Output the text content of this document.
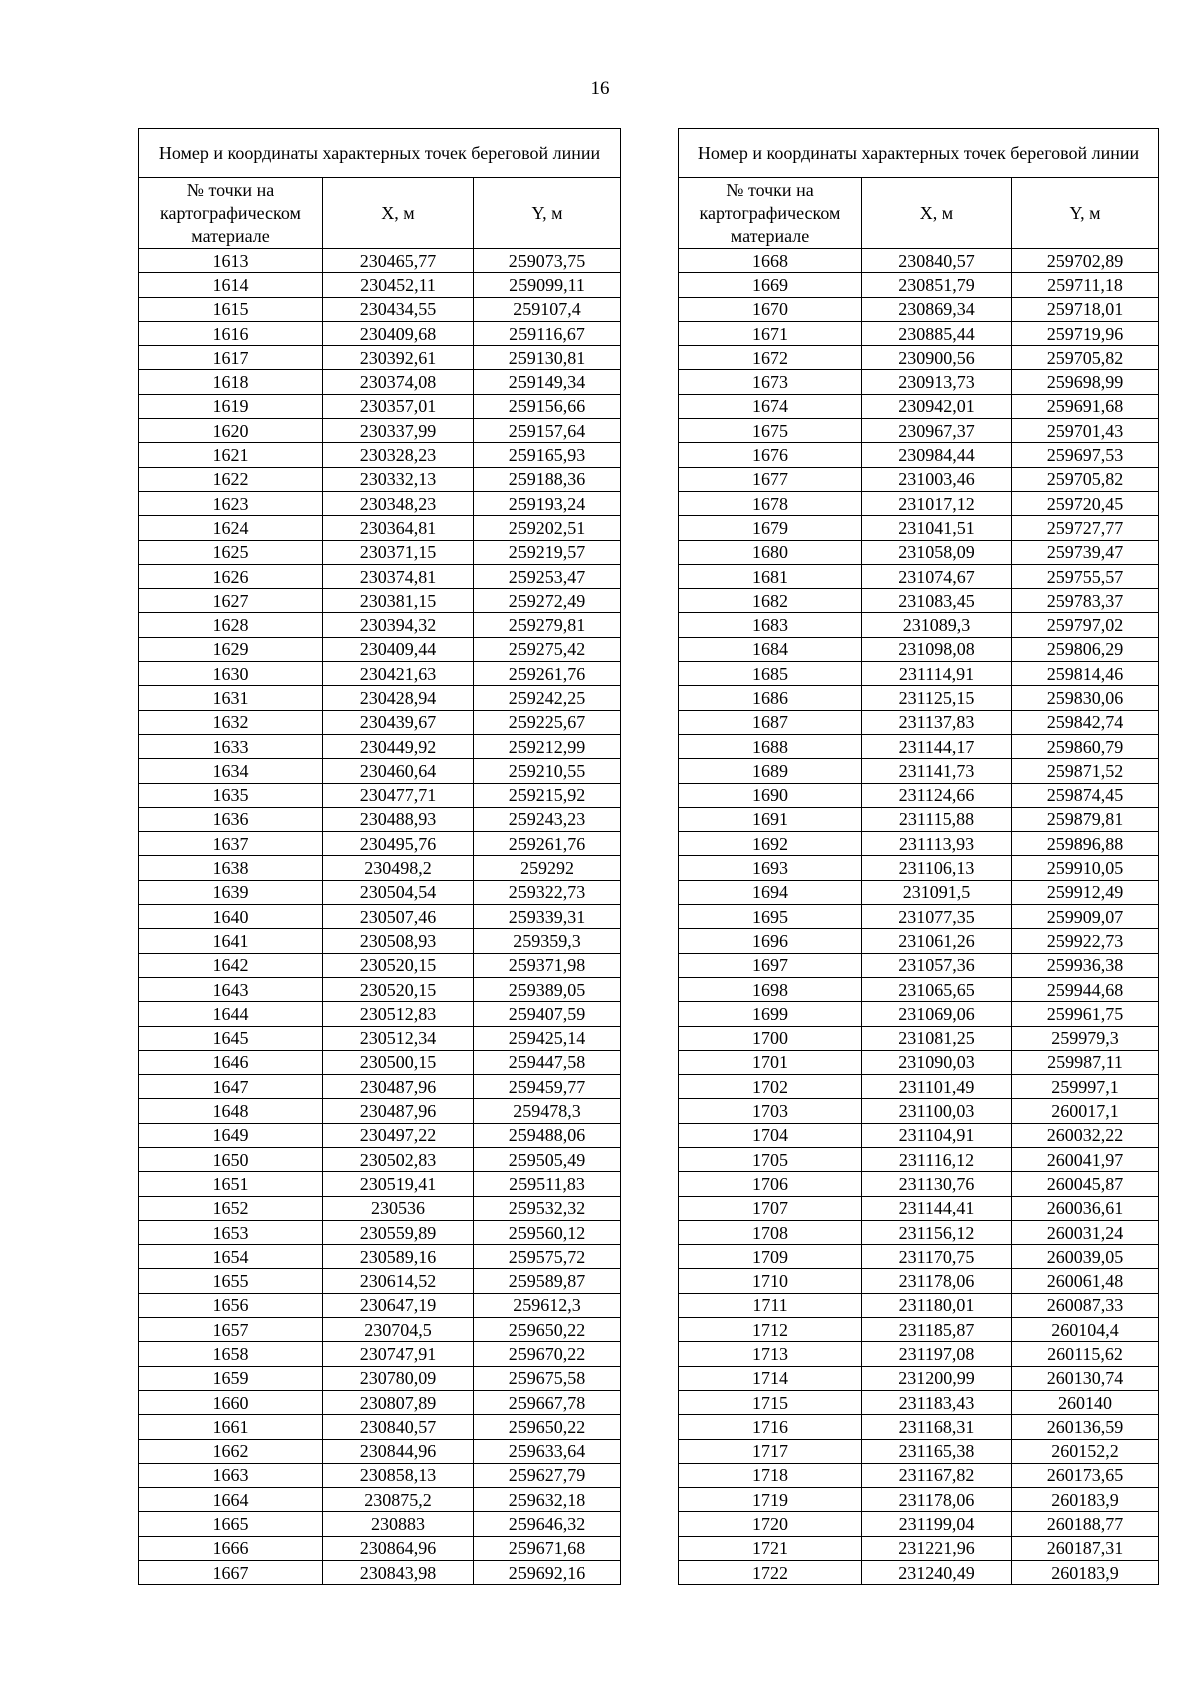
16
Номер и координаты характерных точек береговой линии		
№ точки на картографическом материале	X, м	Y, м
1613	230465,77	259073,75
1614	230452,11	259099,11
1615	230434,55	259107,4
1616	230409,68	259116,67
1617	230392,61	259130,81
1618	230374,08	259149,34
1619	230357,01	259156,66
1620	230337,99	259157,64
1621	230328,23	259165,93
1622	230332,13	259188,36
1623	230348,23	259193,24
1624	230364,81	259202,51
1625	230371,15	259219,57
1626	230374,81	259253,47
1627	230381,15	259272,49
1628	230394,32	259279,81
1629	230409,44	259275,42
1630	230421,63	259261,76
1631	230428,94	259242,25
1632	230439,67	259225,67
1633	230449,92	259212,99
1634	230460,64	259210,55
1635	230477,71	259215,92
1636	230488,93	259243,23
1637	230495,76	259261,76
1638	230498,2	259292
1639	230504,54	259322,73
1640	230507,46	259339,31
1641	230508,93	259359,3
1642	230520,15	259371,98
1643	230520,15	259389,05
1644	230512,83	259407,59
1645	230512,34	259425,14
1646	230500,15	259447,58
1647	230487,96	259459,77
1648	230487,96	259478,3
1649	230497,22	259488,06
1650	230502,83	259505,49
1651	230519,41	259511,83
1652	230536	259532,32
1653	230559,89	259560,12
1654	230589,16	259575,72
1655	230614,52	259589,87
1656	230647,19	259612,3
1657	230704,5	259650,22
1658	230747,91	259670,22
1659	230780,09	259675,58
1660	230807,89	259667,78
1661	230840,57	259650,22
1662	230844,96	259633,64
1663	230858,13	259627,79
1664	230875,2	259632,18
1665	230883	259646,32
1666	230864,96	259671,68
1667	230843,98	259692,16
Номер и координаты характерных точек береговой линии		
№ точки на картографическом материале	X, м	Y, м
1668	230840,57	259702,89
1669	230851,79	259711,18
1670	230869,34	259718,01
1671	230885,44	259719,96
1672	230900,56	259705,82
1673	230913,73	259698,99
1674	230942,01	259691,68
1675	230967,37	259701,43
1676	230984,44	259697,53
1677	231003,46	259705,82
1678	231017,12	259720,45
1679	231041,51	259727,77
1680	231058,09	259739,47
1681	231074,67	259755,57
1682	231083,45	259783,37
1683	231089,3	259797,02
1684	231098,08	259806,29
1685	231114,91	259814,46
1686	231125,15	259830,06
1687	231137,83	259842,74
1688	231144,17	259860,79
1689	231141,73	259871,52
1690	231124,66	259874,45
1691	231115,88	259879,81
1692	231113,93	259896,88
1693	231106,13	259910,05
1694	231091,5	259912,49
1695	231077,35	259909,07
1696	231061,26	259922,73
1697	231057,36	259936,38
1698	231065,65	259944,68
1699	231069,06	259961,75
1700	231081,25	259979,3
1701	231090,03	259987,11
1702	231101,49	259997,1
1703	231100,03	260017,1
1704	231104,91	260032,22
1705	231116,12	260041,97
1706	231130,76	260045,87
1707	231144,41	260036,61
1708	231156,12	260031,24
1709	231170,75	260039,05
1710	231178,06	260061,48
1711	231180,01	260087,33
1712	231185,87	260104,4
1713	231197,08	260115,62
1714	231200,99	260130,74
1715	231183,43	260140
1716	231168,31	260136,59
1717	231165,38	260152,2
1718	231167,82	260173,65
1719	231178,06	260183,9
1720	231199,04	260188,77
1721	231221,96	260187,31
1722	231240,49	260183,9
